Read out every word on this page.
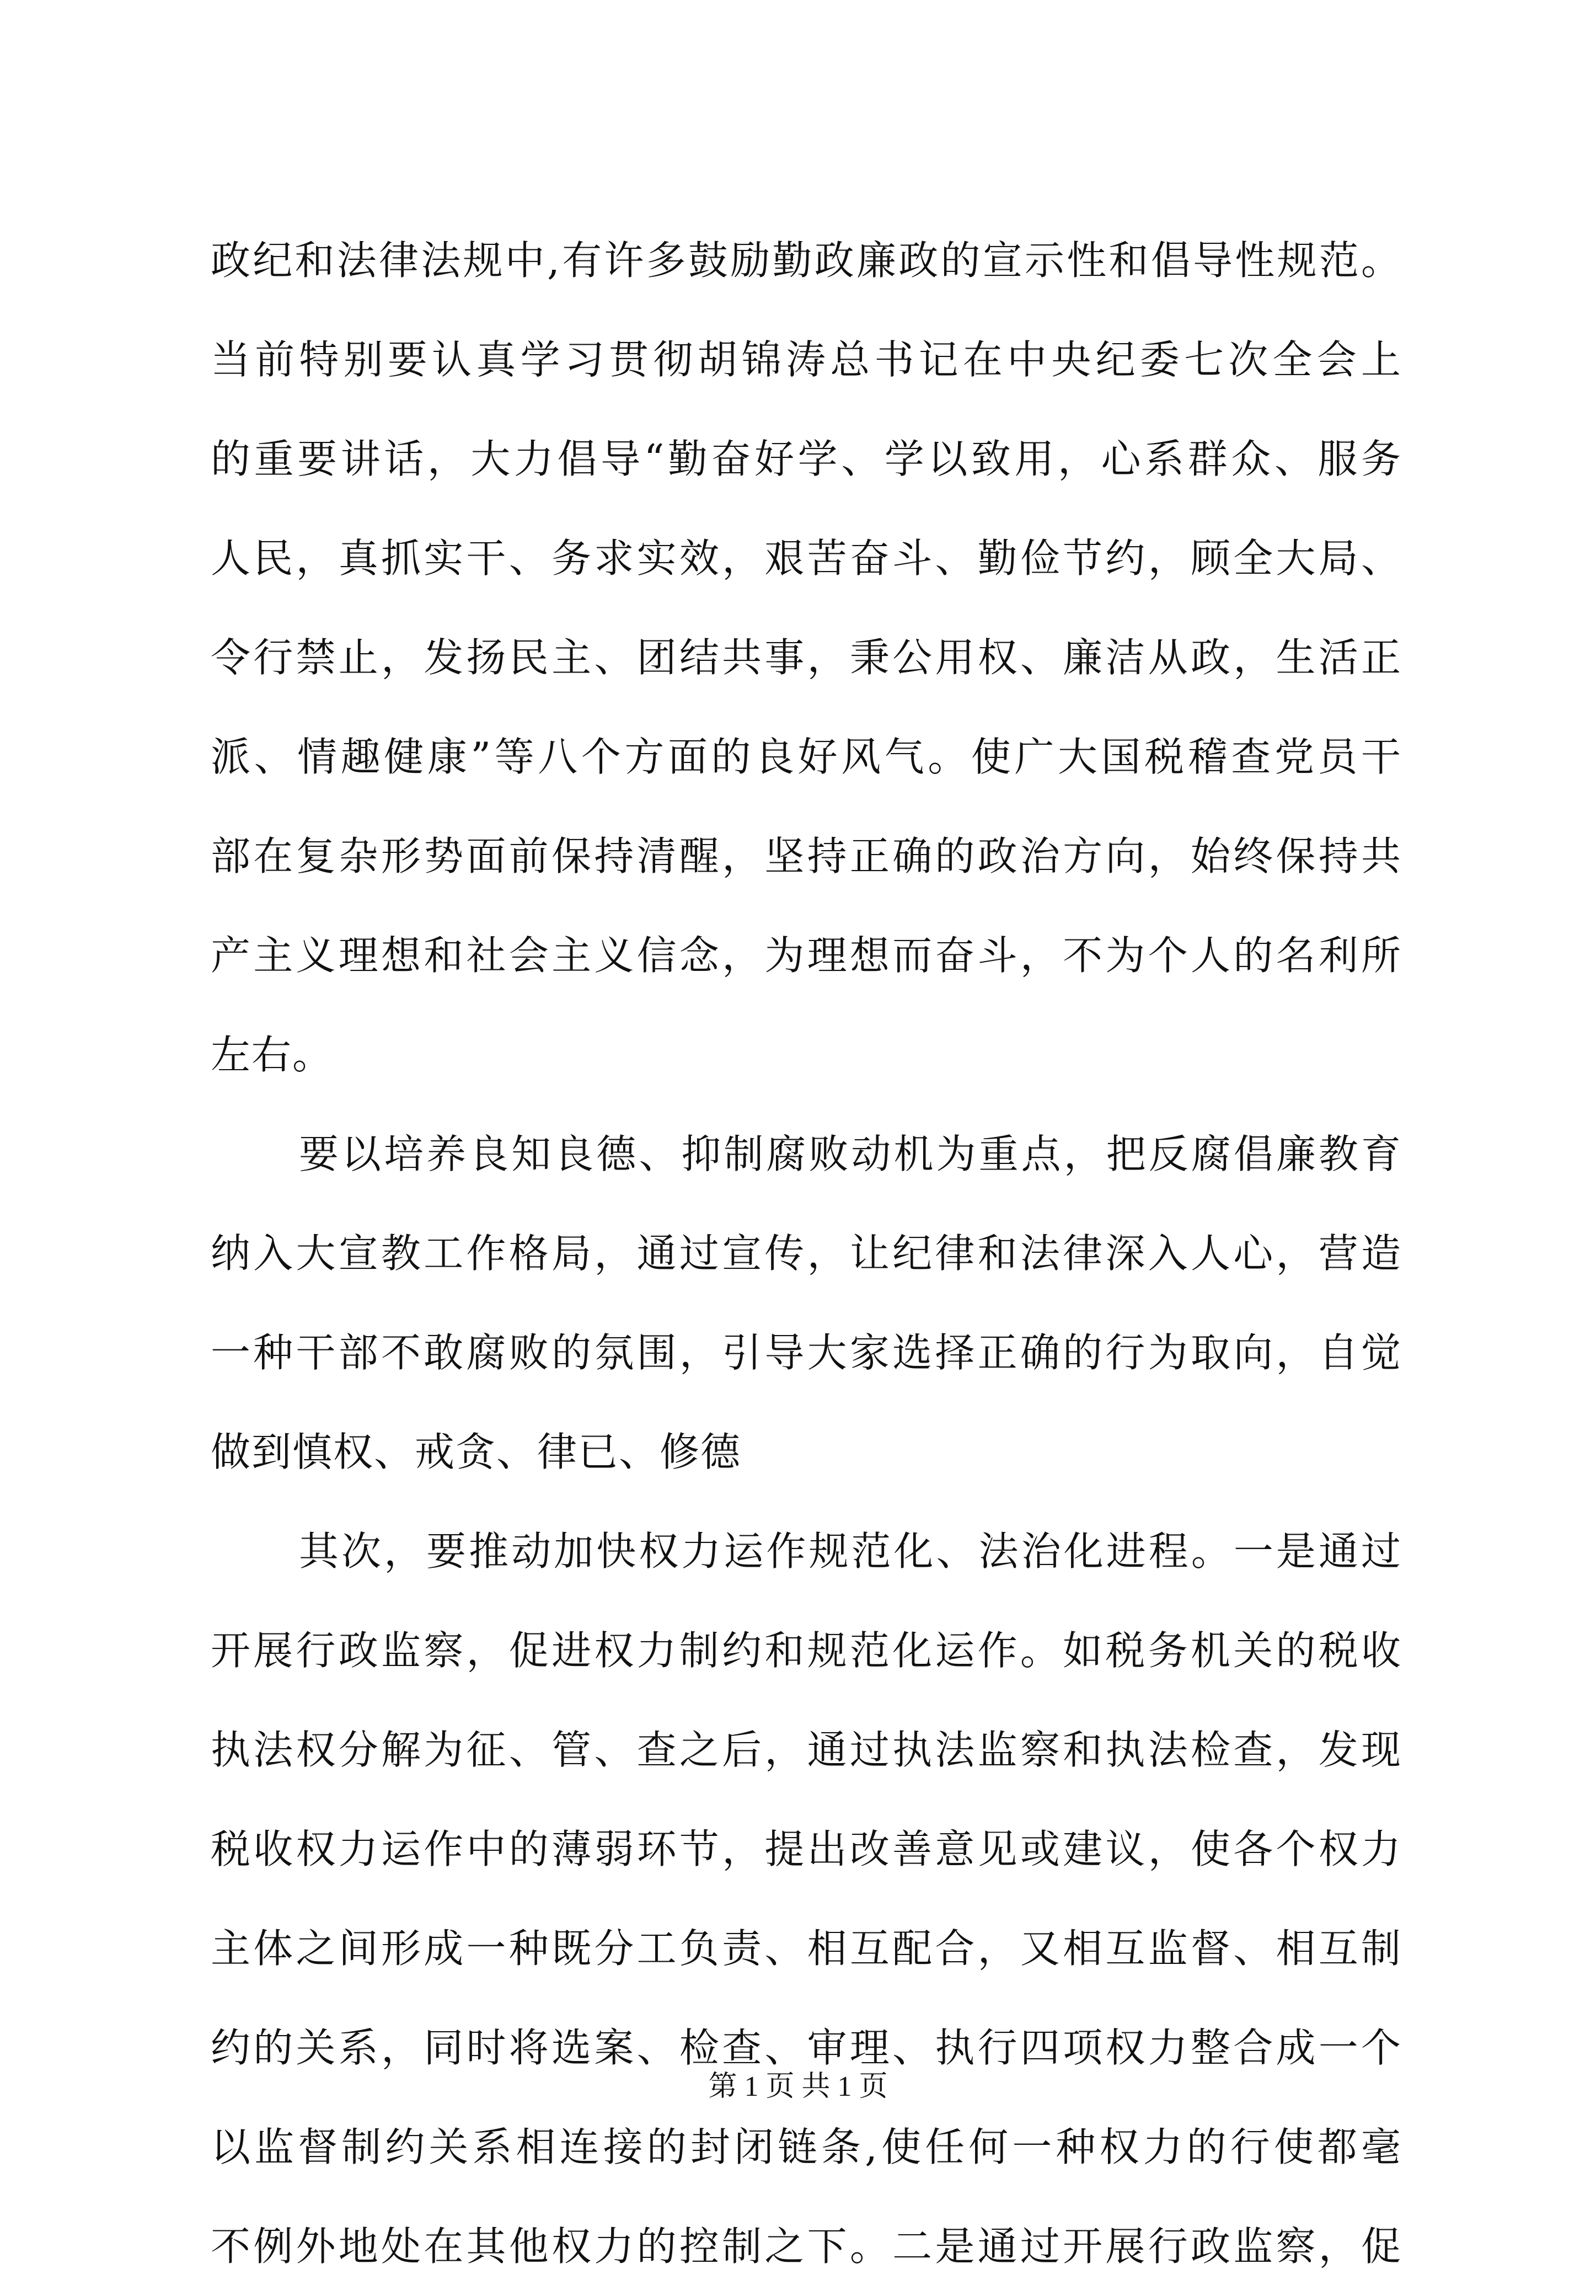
政纪和法律法规中,有许多鼓励勤政廉政的宣示性和倡导性规范。
当前特别要认真学习贯彻胡锦涛总书记在中央纪委七次全会上
的重要讲话，大力倡导“勤奋好学、学以致用，心系群众、服务
人民，真抓实干、务求实效，艰苦奋斗、勤俭节约，顾全大局、
令行禁止，发扬民主、团结共事，秉公用权、廉洁从政，生活正
派、情趣健康”等八个方面的良好风气。使广大国税稽查党员干
部在复杂形势面前保持清醒，坚持正确的政治方向，始终保持共
产主义理想和社会主义信念，为理想而奋斗，不为个人的名利所
左右。
要以培养良知良德、抑制腐败动机为重点，把反腐倡廉教育
纳入大宣教工作格局，通过宣传，让纪律和法律深入人心，营造
一种干部不敢腐败的氛围，引导大家选择正确的行为取向，自觉
做到慎权、戒贪、律已、修德
其次，要推动加快权力运作规范化、法治化进程。一是通过
开展行政监察，促进权力制约和规范化运作。如税务机关的税收
执法权分解为征、管、查之后，通过执法监察和执法检查，发现
税收权力运作中的薄弱环节，提出改善意见或建议，使各个权力
主体之间形成一种既分工负责、相互配合，又相互监督、相互制
约的关系，同时将选案、检查、审理、执行四项权力整合成一个
以监督制约关系相连接的封闭链条,使任何一种权力的行使都毫
不例外地处在其他权力的控制之下。二是通过开展行政监察，促
第 1 页 共 1 页
